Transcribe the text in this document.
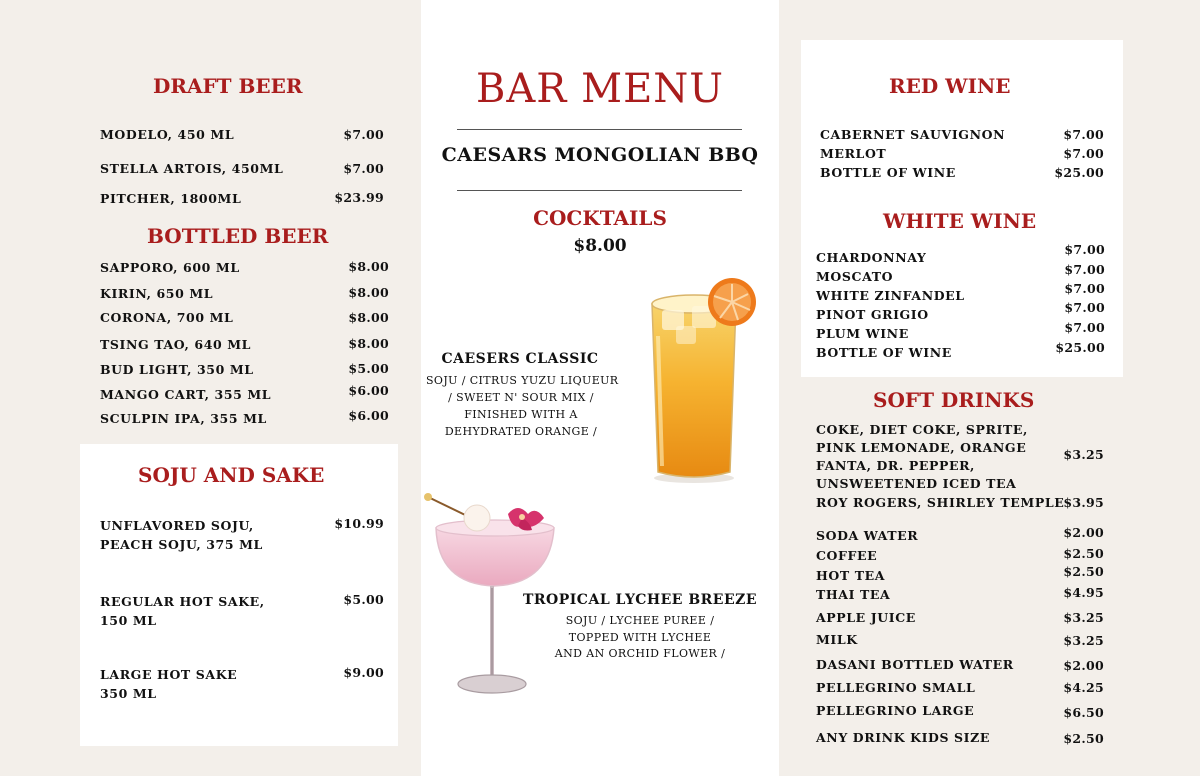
DRAFT BEER
MODELO, 450 ML	$7.00
STELLA ARTOIS, 450ML	$7.00
PITCHER, 1800ML	$23.99
BOTTLED BEER
SAPPORO, 600 ML	$8.00
KIRIN, 650 ML	$8.00
CORONA, 700 ML	$8.00
TSING TAO, 640 ML	$8.00
BUD LIGHT, 350 ML	$5.00
MANGO CART, 355 ML	$6.00
SCULPIN IPA, 355 ML	$6.00
SOJU AND SAKE
UNFLAVORED SOJU,
PEACH SOJU, 375 ML
$10.99
REGULAR HOT SAKE,
150 ML
$5.00
LARGE HOT SAKE
350 ML
$9.00
BAR MENU
CAESARS MONGOLIAN BBQ
COCKTAILS
$8.00
CAESERS CLASSIC
SOJU / CITRUS YUZU LIQUEUR
/ SWEET N' SOUR MIX /
FINISHED WITH A
DEHYDRATED ORANGE /
TROPICAL LYCHEE BREEZE
SOJU / LYCHEE PUREE /
TOPPED WITH LYCHEE
AND AN ORCHID FLOWER /
RED WINE
CABERNET SAUVIGNON	$7.00
MERLOT	$7.00
BOTTLE OF WINE	$25.00
WHITE WINE
CHARDONNAY
$7.00
MOSCATO	$7.00
WHITE ZINFANDEL	$7.00
PINOT GRIGIO	$7.00
PLUM WINE	$7.00
BOTTLE OF WINE	$25.00
SOFT DRINKS
COKE, DIET COKE, SPRITE, PINK LEMONADE, ORANGE FANTA, DR. PEPPER, UNSWEETENED ICED TEA
$3.25
ROY ROGERS, SHIRLEY TEMPLE
$3.95
SODA WATER	$2.00
COFFEE	$2.50
HOT TEA	$2.50
THAI TEA	$4.95
APPLE JUICE	$3.25
MILK	$3.25
DASANI BOTTLED WATER	$2.00
PELLEGRINO SMALL	$4.25
PELLEGRINO LARGE	$6.50
ANY DRINK KIDS SIZE	$2.50
